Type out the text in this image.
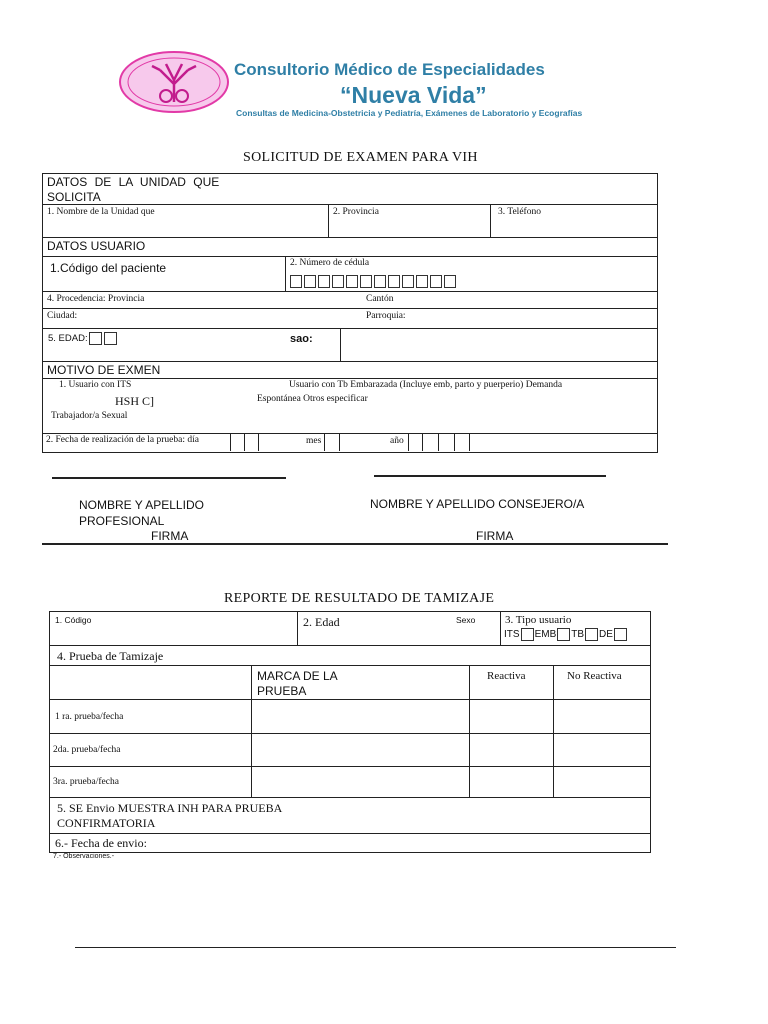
Consultorio Médico de Especialidades
“Nueva Vida”
Consultas de Medicina-Obstetricia y Pediatría, Exámenes de Laboratorio y Ecografías
SOLICITUD DE EXAMEN PARA VIH
DATOS DE LA UNIDAD QUE SOLICITA
1. Nombre de la Unidad que	2. Provincia	3. Teléfono
DATOS USUARIO
1.Código del paciente	2. Número de cédula
4. Procedencia: Provincia	Cantón
Ciudad:	Parroquia:
5. EDAD:	sao:
MOTIVO DE EXMEN
1. Usuario con ITS
HSH C]
Trabajador/a Sexual
Usuario con Tb Embarazada (Incluye emb, parto y puerperio) Demanda
Espontánea Otros especificar
2. Fecha de realización de la prueba: día	mes	año
NOMBRE Y APELLIDO
PROFESIONAL
NOMBRE Y APELLIDO CONSEJERO/A
FIRMA	FIRMA
REPORTE DE RESULTADO DE TAMIZAJE
1. Código	2. Edad	Sexo	3. Tipo usuario
ITS EMB TB DE
4. Prueba de Tamizaje
MARCA DE LA
PRUEBA
Reactiva	No Reactiva
1 ra. prueba/fecha
2da. prueba/fecha
3ra. prueba/fecha
5. SE Envio MUESTRA INH PARA PRUEBA
CONFIRMATORIA
6.- Fecha de envio:
7.- Observaciones.-
